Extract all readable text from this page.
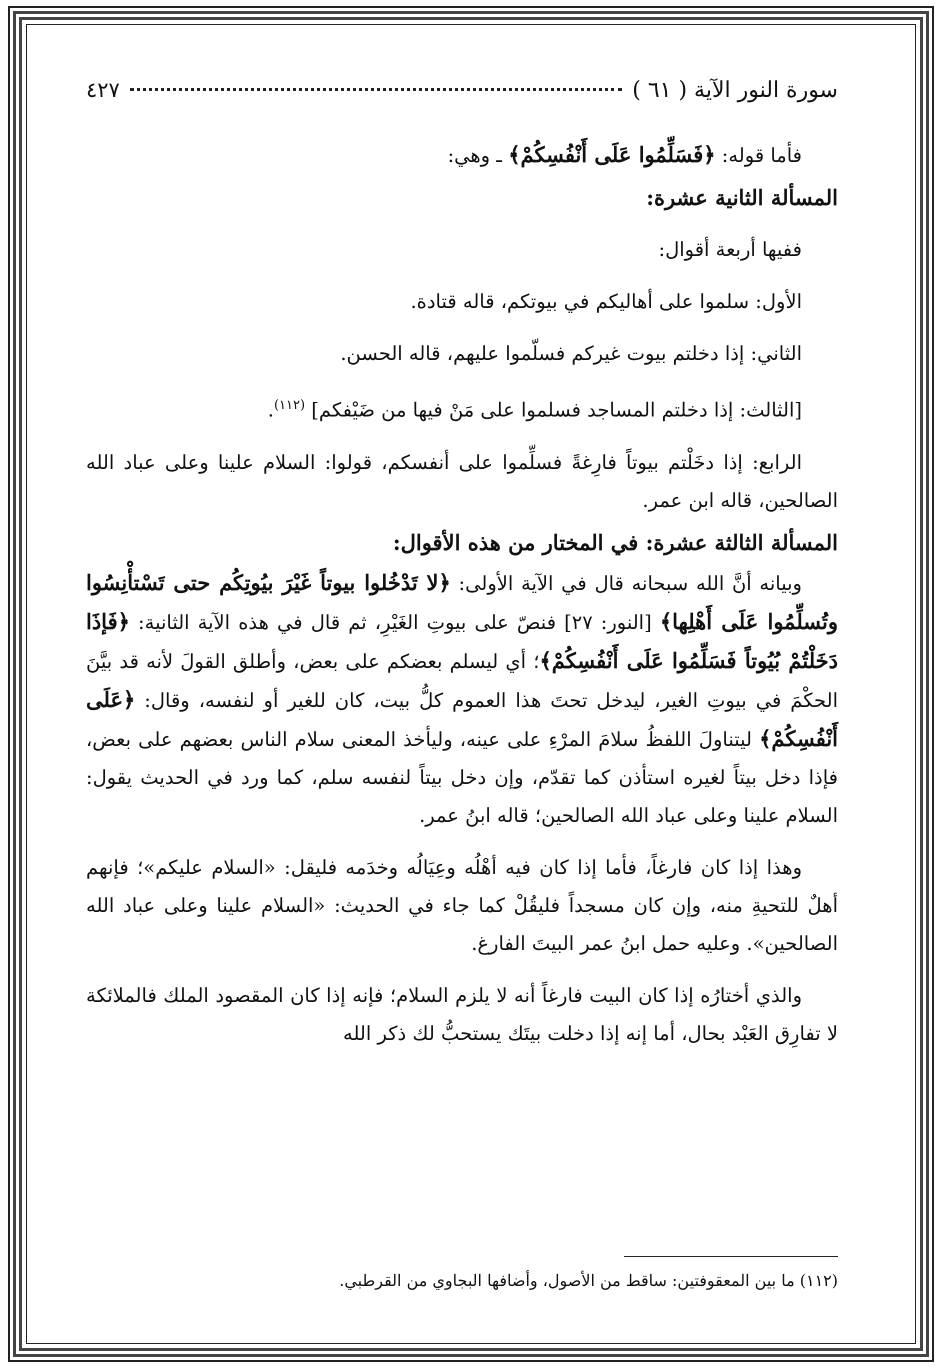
سورة النور الآية ( ٦١ )
٤٢٧

فأما قوله: ﴿فَسَلِّمُوا عَلَى أَنْفُسِكُمْ﴾ ـ وهي:

المسألة الثانية عشرة:

ففيها أربعة أقوال:

الأول: سلموا على أهاليكم في بيوتكم، قاله قتادة.

الثاني: إذا دخلتم بيوت غيركم فسلّموا عليهم، قاله الحسن.

[الثالث: إذا دخلتم المساجد فسلموا على مَنْ فيها من ضَيْفكم] $^{(١١٢)}$.

الرابع: إذا دخَلْتم بيوتاً فارِغةً فسلِّموا على أنفسكم، قولوا: السلام علينا وعلى عباد الله الصالحين، قاله ابن عمر.

المسألة الثالثة عشرة: في المختار من هذه الأقوال:

وبيانه أنَّ الله سبحانه قال في الآية الأولى: ﴿لا تَدْخُلوا بيوتاً غَيْرَ بيُوتِكُم حتى تَسْتأْنِسُوا وتُسلِّمُوا عَلَى أَهْلِها﴾ [النور: ٢٧] فنصّ على بيوتِ الغَيْرِ، ثم قال في هذه الآية الثانية: ﴿فَإذَا دَخَلْتُمْ بُيُوتاً فَسَلِّمُوا عَلَى أَنْفُسِكُمْ﴾؛ أي ليسلم بعضكم على بعض، وأطلق القولَ لأنه قد بيَّنَ الحكْمَ في بيوتِ الغير، ليدخل تحتَ هذا العموم كلُّ بيت، كان للغير أو لنفسه، وقال: ﴿عَلَى أَنْفُسِكُمْ﴾ ليتناولَ اللفظُ سلامَ المرْءِ على عينه، وليأخذ المعنى سلام الناس بعضهم على بعض، فإذا دخل بيتاً لغيره استأذن كما تقدّم، وإن دخل بيتاً لنفسه سلم، كما ورد في الحديث يقول: السلام علينا وعلى عباد الله الصالحين؛ قاله ابنُ عمر.

وهذا إذا كان فارغاً، فأما إذا كان فيه أهْلُه وعِيَالُه وخدَمه فليقل: «السلام عليكم»؛ فإنهم أهلٌ للتحيةِ منه، وإن كان مسجداً فليقُلْ كما جاء في الحديث: «السلام علينا وعلى عباد الله الصالحين». وعليه حمل ابنُ عمر البيتَ الفارغ.

والذي أختارُه إذا كان البيت فارغاً أنه لا يلزم السلام؛ فإنه إذا كان المقصود الملك فالملائكة لا تفارِق العَبْد بحال، أما إنه إذا دخلت بيتَك يستحبُّ لك ذكر الله

(١١٢) ما بين المعقوفتين: ساقط من الأصول، وأضافها البجاوي من القرطبي.
